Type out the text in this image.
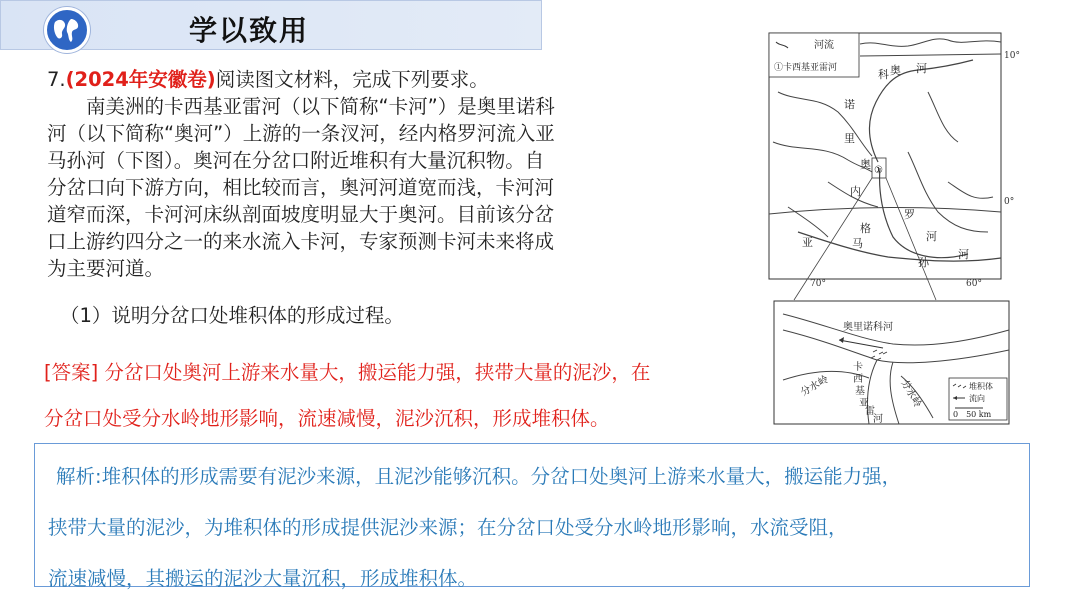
学以致用

7.(2024年安徽卷)阅读图文材料，完成下列要求。

南美洲的卡西基亚雷河（以下简称“卡河”）是奥里诺科

河（以下简称“奥河”）上游的一条汊河，经内格罗河流入亚

马孙河（下图）。奥河在分岔口附近堆积有大量沉积物。自

分岔口向下游方向，相比较而言，奥河河道宽而浅，卡河河

道窄而深，卡河河床纵剖面坡度明显大于奥河。目前该分岔

口上游约四分之一的来水流入卡河，专家预测卡河未来将成

为主要河道。

（1）说明分岔口处堆积体的形成过程。
[答案] 分岔口处奥河上游来水量大，搬运能力强，挟带大量的泥沙，在
分岔口处受分水岭地形影响，流速减慢，泥沙沉积，形成堆积体。
解析:堆积体的形成需要有泥沙来源，且泥沙能够沉积。分岔口处奥河上游来水量大，搬运能力强，
挟带大量的泥沙，为堆积体的形成提供泥沙来源；在分岔口处受分水岭地形影响，水流受阻，
流速减慢，其搬运的泥沙大量沉积，形成堆积体。
河流
①卡西基亚雷河
10°
0°
①
奥
里
诺
科 河
奥
内
格
罗
河
亚	马
孙
河
70°	60°
奥里诺科河
分水岭	分水岭
卡
西
基
亚
雷
河
堆积体
流向
0　50 km
